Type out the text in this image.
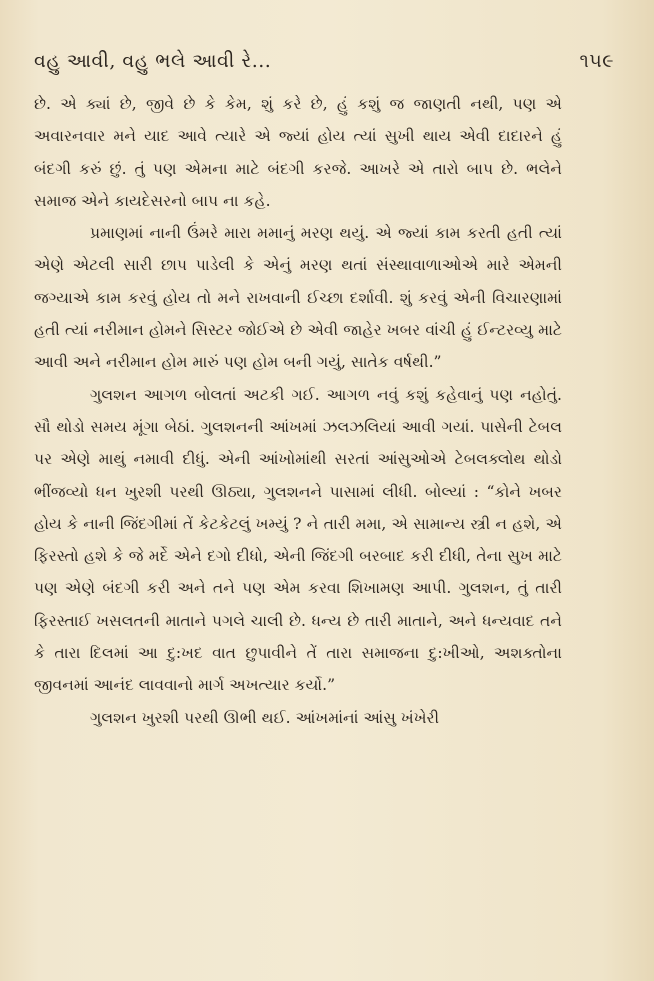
વહુ આવી, વહુ ભલે આવી રે...	૧૫૯

છે. એ ક્યાં છે, જીવે છે કે કેમ, શું કરે છે, હું કશું જ જાણતી નથી, પણ એ અવારનવાર મને યાદ આવે ત્યારે એ જ્યાં હોય ત્યાં સુખી થાય એવી દાદારને હું બંદગી કરું છું. તું પણ એમના માટે બંદગી કરજે. આખરે એ તારો બાપ છે. ભલેને સમાજ એને કાયદેસરનો બાપ ના કહે.

પ્રમાણમાં નાની ઉંમરે મારા મમાનું મરણ થયું. એ જ્યાં કામ કરતી હતી ત્યાં એણે એટલી સારી છાપ પાડેલી કે એનું મરણ થતાં સંસ્થાવાળાઓએ મારે એમની જગ્યાએ કામ કરવું હોય તો મને રાખવાની ઈચ્છા દર્શાવી. શું કરવું એની વિચારણામાં હતી ત્યાં નરીમાન હોમને સિસ્ટર જોઈએ છે એવી જાહેર ખબર વાંચી હું ઈન્ટરવ્યુ માટે આવી અને નરીમાન હોમ મારું પણ હોમ બની ગયું, સાતેક વર્ષથી.”

ગુલશન આગળ બોલતાં અટકી ગઈ. આગળ નવું કશું કહેવાનું પણ નહોતું. સૌ થોડો સમય મૂંગા બેઠાં. ગુલશનની આંખમાં ઝલઝલિયાં આવી ગયાં. પાસેની ટેબલ પર એણે માથું નમાવી દીધું. એની આંખોમાંથી સરતાં આંસુઓએ ટેબલક્લોથ થોડો ભીંજવ્યો ધન ખુરશી પરથી ઊઠ્યા, ગુલશનને પાસામાં લીધી. બોલ્યાં : “કોને ખબર હોય કે નાની જિંદગીમાં તેં કેટકેટલું ખમ્યું ? ને તારી મમા, એ સામાન્ય સ્ત્રી ન હશે, એ ફિરસ્તો હશે કે જે મર્દે એને દગો દીધો, એની જિંદગી બરબાદ કરી દીધી, તેના સુખ માટે પણ એણે બંદગી કરી અને તને પણ એમ કરવા શિખામણ આપી. ગુલશન, તું તારી ફિરસ્તાઈ ખસલતની માતાને પગલે ચાલી છે. ધન્ય છે તારી માતાને, અને ધન્યવાદ તને કે તારા દિલમાં આ દુ:ખદ વાત છુપાવીને તેં તારા સમાજના દુ:ખીઓ, અશક્તોના જીવનમાં આનંદ લાવવાનો માર્ગ અખત્યાર કર્યો.”

ગુલશન ખુરશી પરથી ઊભી થઈ. આંખમાંનાં આંસુ ખંખેરી
